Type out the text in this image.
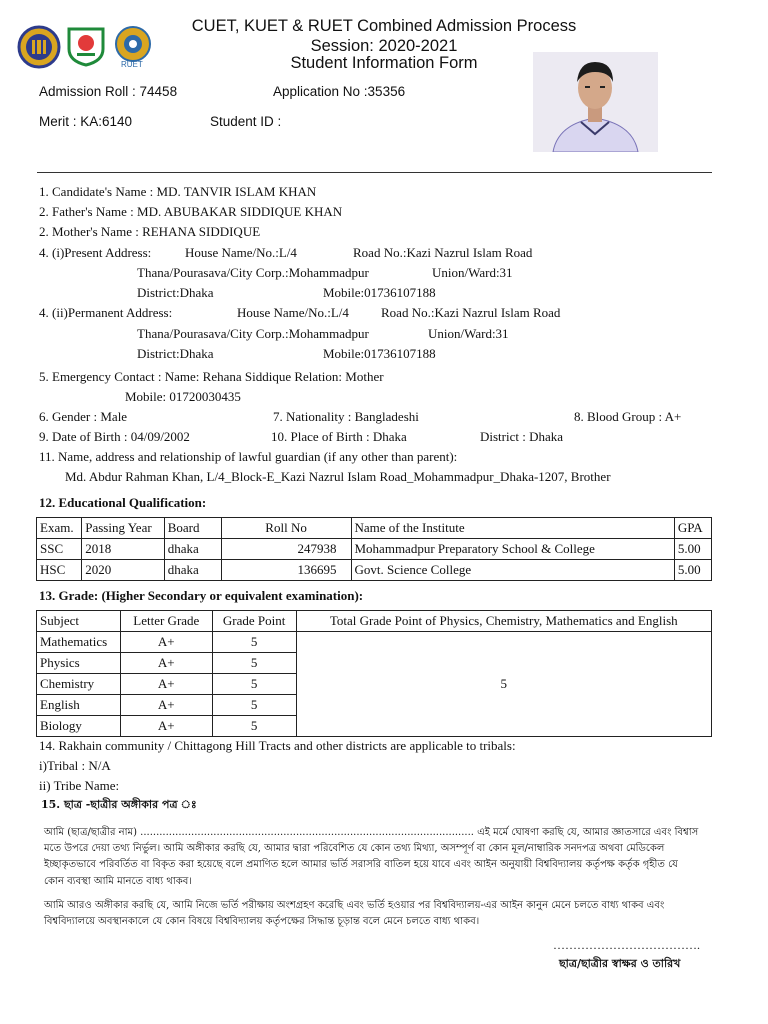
RUET
CUET, KUET & RUET Combined Admission Process
Session: 2020-2021
Student Information Form
Admission Roll : 74458	Application No :35356
Merit : KA:6140	Student ID :
1. Candidate's Name : MD. TANVIR ISLAM KHAN
2. Father's Name : MD. ABUBAKAR SIDDIQUE KHAN
2. Mother's Name : REHANA SIDDIQUE
4. (i)Present Address:	House Name/No.:L/4	Road No.:Kazi Nazrul Islam Road
Thana/Pourasava/City Corp.:Mohammadpur	Union/Ward:31
District:Dhaka	Mobile:01736107188
4. (ii)Permanent Address:	House Name/No.:L/4 Road No.:Kazi Nazrul Islam Road
Thana/Pourasava/City Corp.:Mohammadpur	Union/Ward:31
District:Dhaka	Mobile:01736107188
5. Emergency Contact : Name: Rehana Siddique Relation: Mother
Mobile: 01720030435
6. Gender : Male	7. Nationality : Bangladeshi	8. Blood Group : A+
9. Date of Birth : 04/09/2002	10. Place of Birth : Dhaka	District : Dhaka
11. Name, address and relationship of lawful guardian (if any other than parent):
Md. Abdur Rahman Khan, L/4_Block-E_Kazi Nazrul Islam Road_Mohammadpur_Dhaka-1207, Brother
12. Educational Qualification:
Exam.	Passing Year	Board	Roll No	Name of the Institute	GPA
SSC	2018	dhaka	247938	Mohammadpur Preparatory School & College	5.00
HSC	2020	dhaka	136695	Govt. Science College	5.00
13. Grade: (Higher Secondary or equivalent examination):
Subject	Letter Grade	Grade Point	Total Grade Point of Physics, Chemistry, Mathematics and English
Mathematics	A+	5	5
Physics	A+	5	
Chemistry	A+	5	
English	A+	5	
Biology	A+	5	
14. Rakhain community / Chittagong Hill Tracts and other districts are applicable to tribals:
i)Tribal : N/A
ii) Tribe Name:
15. ছাত্র -ছাত্রীর অঙ্গীকার পত্র ঃ
আমি (ছাত্র/ছাত্রীর নাম) ......................................................................................................... এই মর্মে ঘোষণা করছি যে, আমার জ্ঞাতসারে এবং বিশ্বাস
মতে উপরে দেয়া তথ্য নির্ভুল। আমি অঙ্গীকার করছি যে, আমার দ্বারা পরিবেশিত যে কোন তথ্য মিথ্যা, অসম্পূর্ণ বা কোন মূল/নাম্বারিক সনদপত্র অথবা মেডিকেল
ইচ্ছাকৃতভাবে পরিবর্তিত বা বিকৃত করা হয়েছে বলে প্রমাণিত হলে আমার ভর্তি সরাসরি বাতিল হয়ে যাবে এবং আইন অনুযায়ী বিশ্ববিদ্যালয় কর্তৃপক্ষ কর্তৃক গৃহীত যে
কোন ব্যবস্থা আমি মানতে বাধ্য থাকব।
আমি আরও অঙ্গীকার করছি যে, আমি নিজে ভর্তি পরীক্ষায় অংশগ্রহণ করেছি এবং ভর্তি হওয়ার পর বিশ্ববিদ্যালয়-এর আইন কানুন মেনে চলতে বাধ্য থাকব এবং
বিশ্ববিদ্যালয়ে অবস্থানকালে যে কোন বিষয়ে বিশ্ববিদ্যালয় কর্তৃপক্ষের সিদ্ধান্ত চূড়ান্ত বলে মেনে চলতে বাধ্য থাকব।
……………………………….
ছাত্র/ছাত্রীর স্বাক্ষর ও তারিখ
